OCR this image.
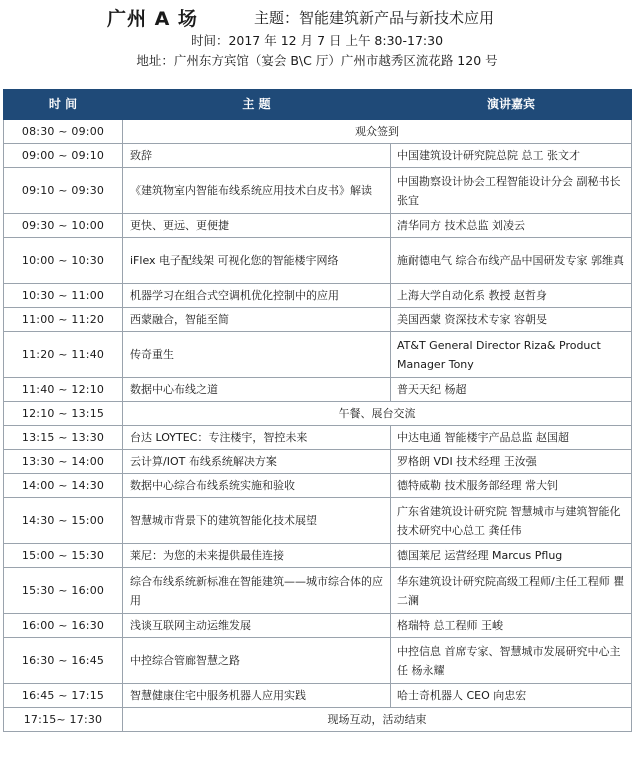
广州 A 场	主题：智能建筑新产品与新技术应用
时间：2017 年 12 月 7 日 上午 8:30-17:30
地址：广州东方宾馆（宴会 B\C 厅）广州市越秀区流花路 120 号
时 间	主 题	演讲嘉宾
08:30 ~ 09:00	观众签到	
09:00 ~ 09:10	致辞	中国建筑设计研究院总院 总工 张文才
09:10 ~ 09:30	《建筑物室内智能布线系统应用技术白皮书》解读	中国勘察设计协会工程智能设计分会 副秘书长 张宜
09:30 ~ 10:00	更快、更远、更便捷	清华同方 技术总监 刘凌云
10:00 ~ 10:30	iFlex 电子配线架 可视化您的智能楼宇网络	施耐德电气 综合布线产品中国研发专家 郭维真
10:30 ~ 11:00	机器学习在组合式空调机优化控制中的应用	上海大学自动化系 教授 赵哲身
11:00 ~ 11:20	西蒙融合，智能至简	美国西蒙 资深技术专家 容朝旻
11:20 ~ 11:40	传奇重生	AT&T General Director Riza& Product Manager Tony
11:40 ~ 12:10	数据中心布线之道	普天天纪 杨超
12:10 ~ 13:15	午餐、展台交流	
13:15 ~ 13:30	台达 LOYTEC：专注楼宇，智控未来	中达电通 智能楼宇产品总监 赵国超
13:30 ~ 14:00	云计算/IOT 布线系统解决方案	罗格朗 VDI 技术经理 王汝强
14:00 ~ 14:30	数据中心综合布线系统实施和验收	德特威勒 技术服务部经理 常大钊
14:30 ~ 15:00	智慧城市背景下的建筑智能化技术展望	广东省建筑设计研究院 智慧城市与建筑智能化技术研究中心总工 龚任伟
15:00 ~ 15:30	莱尼：为您的未来提供最佳连接	德国莱尼 运营经理 Marcus Pflug
15:30 ~ 16:00	综合布线系统新标准在智能建筑——城市综合体的应用	华东建筑设计研究院高级工程师/主任工程师 瞿二澜
16:00 ~ 16:30	浅谈互联网主动运维发展	格瑞特 总工程师 王峻
16:30 ~ 16:45	中控综合管廊智慧之路	中控信息 首席专家、智慧城市发展研究中心主任 杨永耀
16:45 ~ 17:15	智慧健康住宅中服务机器人应用实践	哈士奇机器人 CEO 向忠宏
17:15~ 17:30	现场互动，活动结束	
